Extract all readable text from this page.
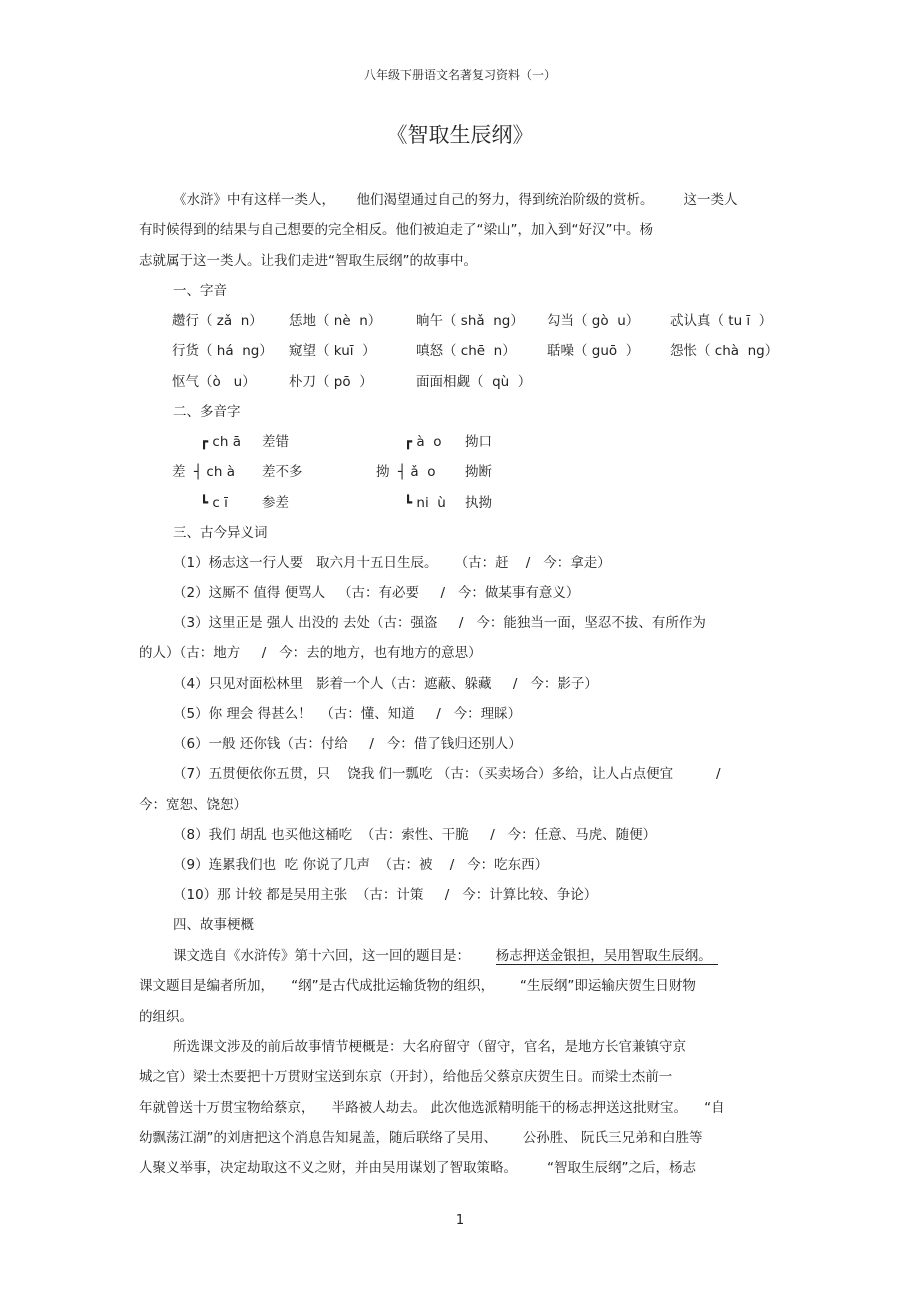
八年级下册语文名著复习资料（一）
《智取生辰纲》
《水浒》中有这样一类人，     他们渴望通过自己的努力，得到统治阶级的赏析。       这一类人
有时候得到的结果与自己想要的完全相反。他们被迫走了“梁山”，加入到“好汉”中。杨
志就属于这一类人。让我们走进“智取生辰纲”的故事中。
一、字音
趱行（ zǎ  n） 恁地（ nè  n）	晌午（ shǎ  ng） 勾当（ gò  u） 忒认真（ tu ī  ）
行货（ há  ng） 窥望（ kuī  ）	嗔怒（ chē  n） 聒噪（ guō  ） 怨怅（ chà  ng）
怄气（ò   u） 朴刀（ pō  ）	面面相觑（  qù  ）
二、多音字
差
┏ ch ā 差错
┤ ch à 差不多
┗ c ī	参差
拗
┏ à  o 拗口
┤ ǎ  o 拗断
┗ ni  ù 执拗
三、古今异义词
（1）杨志这一行人要   取六月十五日生辰。    （古：赶    /   今：拿走）
（2）这厮不 值得 便骂人   （古：有必要     /   今：做某事有意义）
（3）这里正是 强人 出没的 去处（古：强盗     /   今：能独当一面，坚忍不拔、有所作为
的人）（古：地方     /   今：去的地方，也有地方的意思）
（4）只见对面松林里   影着一个人（古：遮蔽、躲藏     /   今：影子）
（5）你 理会 得甚么！  （古：懂、知道     /   今：理睬）
（6）一般 还你钱（古：付给     /   今：借了钱归还别人）
（7）五贯便依你五贯，只    饶我 们一瓢吃 （古：（买卖场合）多给，让人占点便宜          /
今：宽恕、饶恕）
（8）我们 胡乱 也买他这桶吃  （古：索性、干脆     /   今：任意、马虎、随便）
（9）连累我们也  吃 你说了几声  （古：被    /   今：吃东西）
（10）那 计较 都是吴用主张  （古：计策     /   今：计算比较、争论）
四、故事梗概
课文选自《水浒传》第十六回，这一回的题目是：      杨志押送金银担，吴用智取生辰纲。
课文题目是编者所加，    “纲”是古代成批运输货物的组织，      “生辰纲”即运输庆贺生日财物
的组织。
所选课文涉及的前后故事情节梗概是：大名府留守（留守，官名，是地方长官兼镇守京
城之官）梁士杰要把十万贯财宝送到东京（开封），给他岳父蔡京庆贺生日。而梁士杰前一
年就曾送十万贯宝物给蔡京，    半路被人劫去。 此次他选派精明能干的杨志押送这批财宝。    “自
幼飘荡江湖”的刘唐把这个消息告知晁盖，随后联络了吴用、      公孙胜、 阮氏三兄弟和白胜等
人聚义举事，决定劫取这不义之财，并由吴用谋划了智取策略。       “智取生辰纲”之后，杨志
1
